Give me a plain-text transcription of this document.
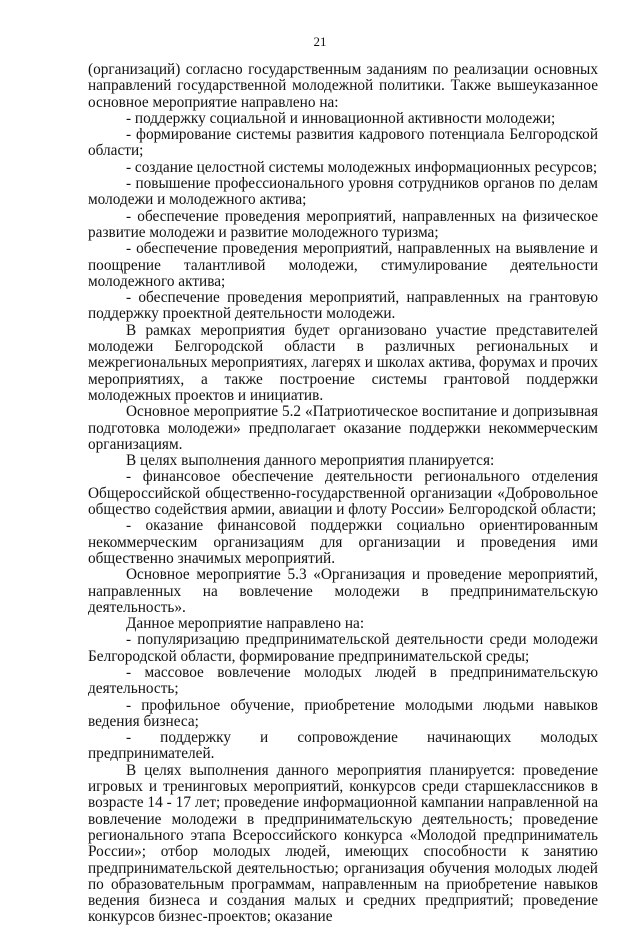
21

(организаций) согласно государственным заданиям по реализации основных направлений государственной молодежной политики. Также вышеуказанное основное мероприятие направлено на:

- поддержку социальной и инновационной активности молодежи;

- формирование системы развития кадрового потенциала Белгородской области;

- создание целостной системы молодежных информационных ресурсов;

- повышение профессионального уровня сотрудников органов по делам молодежи и молодежного актива;

- обеспечение проведения мероприятий, направленных на физическое развитие молодежи и развитие молодежного туризма;

- обеспечение проведения мероприятий, направленных на выявление и поощрение талантливой молодежи, стимулирование деятельности молодежного актива;

- обеспечение проведения мероприятий, направленных на грантовую поддержку проектной деятельности молодежи.

В рамках мероприятия будет организовано участие представителей молодежи Белгородской области в различных региональных и межрегиональных мероприятиях, лагерях и школах актива, форумах и прочих мероприятиях, а также построение системы грантовой поддержки молодежных проектов и инициатив.

Основное мероприятие 5.2 «Патриотическое воспитание и допризывная подготовка молодежи» предполагает оказание поддержки некоммерческим организациям.

В целях выполнения данного мероприятия планируется:

- финансовое обеспечение деятельности регионального отделения Общероссийской общественно-государственной организации «Добровольное общество содействия армии, авиации и флоту России» Белгородской области;

- оказание финансовой поддержки социально ориентированным некоммерческим организациям для организации и проведения ими общественно значимых мероприятий.

Основное мероприятие 5.3 «Организация и проведение мероприятий, направленных на вовлечение молодежи в предпринимательскую деятельность».

Данное мероприятие направлено на:

- популяризацию предпринимательской деятельности среди молодежи Белгородской области, формирование предпринимательской среды;

- массовое вовлечение молодых людей в предпринимательскую деятельность;

- профильное обучение, приобретение молодыми людьми навыков ведения бизнеса;

- поддержку и сопровождение начинающих молодых предпринимателей.

В целях выполнения данного мероприятия планируется: проведение игровых и тренинговых мероприятий, конкурсов среди старшеклассников в возрасте 14 - 17 лет; проведение информационной кампании направленной на вовлечение молодежи в предпринимательскую деятельность; проведение регионального этапа Всероссийского конкурса «Молодой предприниматель России»; отбор молодых людей, имеющих способности к занятию предпринимательской деятельностью; организация обучения молодых людей по образовательным программам, направленным на приобретение навыков ведения бизнеса и создания малых и средних предприятий; проведение конкурсов бизнес-проектов; оказание
